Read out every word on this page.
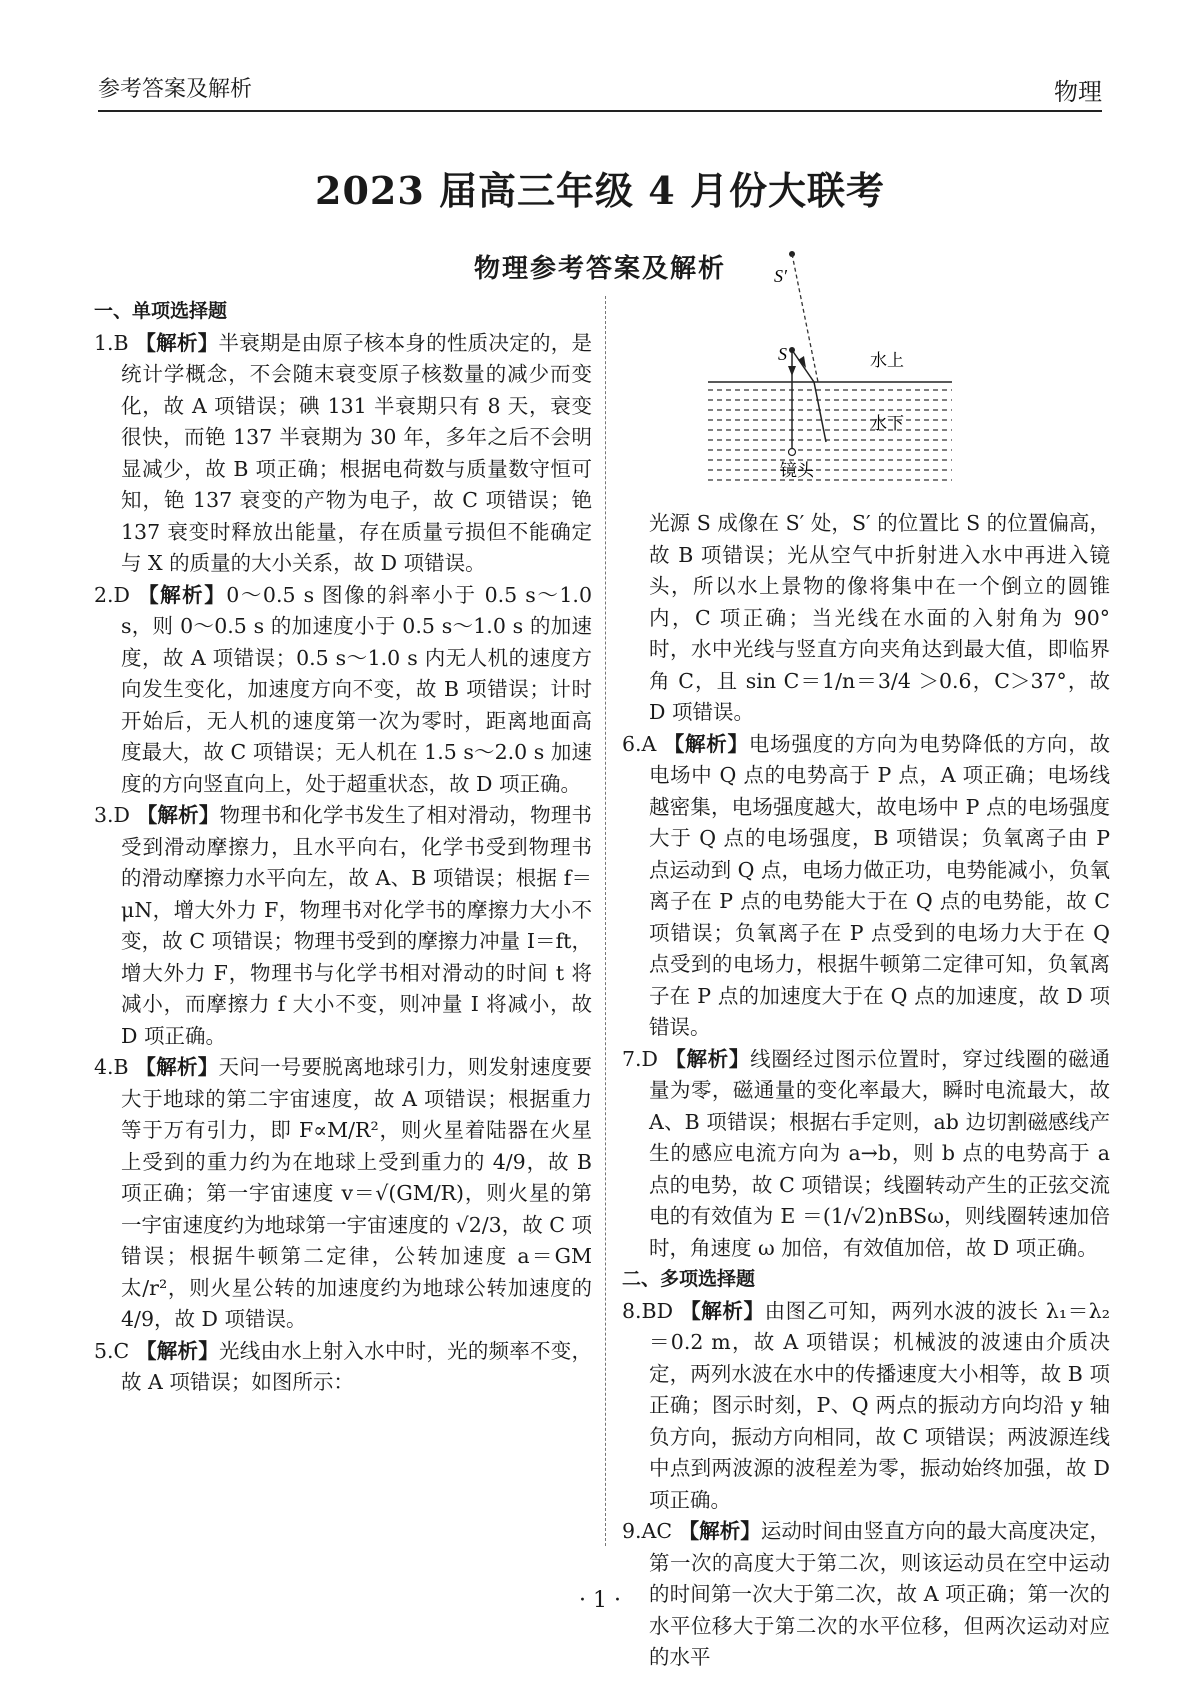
参考答案及解析	物理
2023 届高三年级 4 月份大联考
物理参考答案及解析
一、单项选择题

1.B 【解析】半衰期是由原子核本身的性质决定的，是统计学概念，不会随末衰变原子核数量的减少而变化，故 A 项错误；碘 131 半衰期只有 8 天，衰变很快，而铯 137 半衰期为 30 年，多年之后不会明显减少，故 B 项正确；根据电荷数与质量数守恒可知，铯 137 衰变的产物为电子，故 C 项错误；铯 137 衰变时释放出能量，存在质量亏损但不能确定与 X 的质量的大小关系，故 D 项错误。

2.D 【解析】0～0.5 s 图像的斜率小于 0.5 s～1.0 s，则 0～0.5 s 的加速度小于 0.5 s～1.0 s 的加速度，故 A 项错误；0.5 s～1.0 s 内无人机的速度方向发生变化，加速度方向不变，故 B 项错误；计时开始后，无人机的速度第一次为零时，距离地面高度最大，故 C 项错误；无人机在 1.5 s～2.0 s 加速度的方向竖直向上，处于超重状态，故 D 项正确。

3.D 【解析】物理书和化学书发生了相对滑动，物理书受到滑动摩擦力，且水平向右，化学书受到物理书的滑动摩擦力水平向左，故 A、B 项错误；根据 f＝μN，增大外力 F，物理书对化学书的摩擦力大小不变，故 C 项错误；物理书受到的摩擦力冲量 I＝ft，增大外力 F，物理书与化学书相对滑动的时间 t 将减小，而摩擦力 f 大小不变，则冲量 I 将减小，故 D 项正确。

4.B 【解析】天问一号要脱离地球引力，则发射速度要大于地球的第二宇宙速度，故 A 项错误；根据重力等于万有引力，即 F∝M/R²，则火星着陆器在火星上受到的重力约为在地球上受到重力的 4/9，故 B 项正确；第一宇宙速度 v＝√(GM/R)，则火星的第一宇宙速度约为地球第一宇宙速度的 √2/3，故 C 项错误；根据牛顿第二定律，公转加速度 a＝GM太/r²，则火星公转的加速度约为地球公转加速度的 4/9，故 D 项错误。

5.C 【解析】光线由水上射入水中时，光的频率不变，故 A 项错误；如图所示：

S′
S	水上
水下
镜头

光源 S 成像在 S′ 处，S′ 的位置比 S 的位置偏高，故 B 项错误；光从空气中折射进入水中再进入镜头，所以水上景物的像将集中在一个倒立的圆锥内，C 项正确；当光线在水面的入射角为 90° 时，水中光线与竖直方向夹角达到最大值，即临界角 C，且 sin C＝1/n＝3/4 ＞0.6，C＞37°，故 D 项错误。

6.A 【解析】电场强度的方向为电势降低的方向，故电场中 Q 点的电势高于 P 点，A 项正确；电场线越密集，电场强度越大，故电场中 P 点的电场强度大于 Q 点的电场强度，B 项错误；负氧离子由 P 点运动到 Q 点，电场力做正功，电势能减小，负氧离子在 P 点的电势能大于在 Q 点的电势能，故 C 项错误；负氧离子在 P 点受到的电场力大于在 Q 点受到的电场力，根据牛顿第二定律可知，负氧离子在 P 点的加速度大于在 Q 点的加速度，故 D 项错误。

7.D 【解析】线圈经过图示位置时，穿过线圈的磁通量为零，磁通量的变化率最大，瞬时电流最大，故 A、B 项错误；根据右手定则，ab 边切割磁感线产生的感应电流方向为 a→b，则 b 点的电势高于 a 点的电势，故 C 项错误；线圈转动产生的正弦交流电的有效值为 E ＝(1/√2)nBSω，则线圈转速加倍时，角速度 ω 加倍，有效值加倍，故 D 项正确。

二、多项选择题

8.BD 【解析】由图乙可知，两列水波的波长 λ₁＝λ₂＝0.2 m，故 A 项错误；机械波的波速由介质决定，两列水波在水中的传播速度大小相等，故 B 项正确；图示时刻，P、Q 两点的振动方向均沿 y 轴负方向，振动方向相同，故 C 项错误；两波源连线中点到两波源的波程差为零，振动始终加强，故 D 项正确。

9.AC 【解析】运动时间由竖直方向的最大高度决定，第一次的高度大于第二次，则该运动员在空中运动的时间第一次大于第二次，故 A 项正确；第一次的水平位移大于第二次的水平位移，但两次运动对应的水平

· 1 ·
